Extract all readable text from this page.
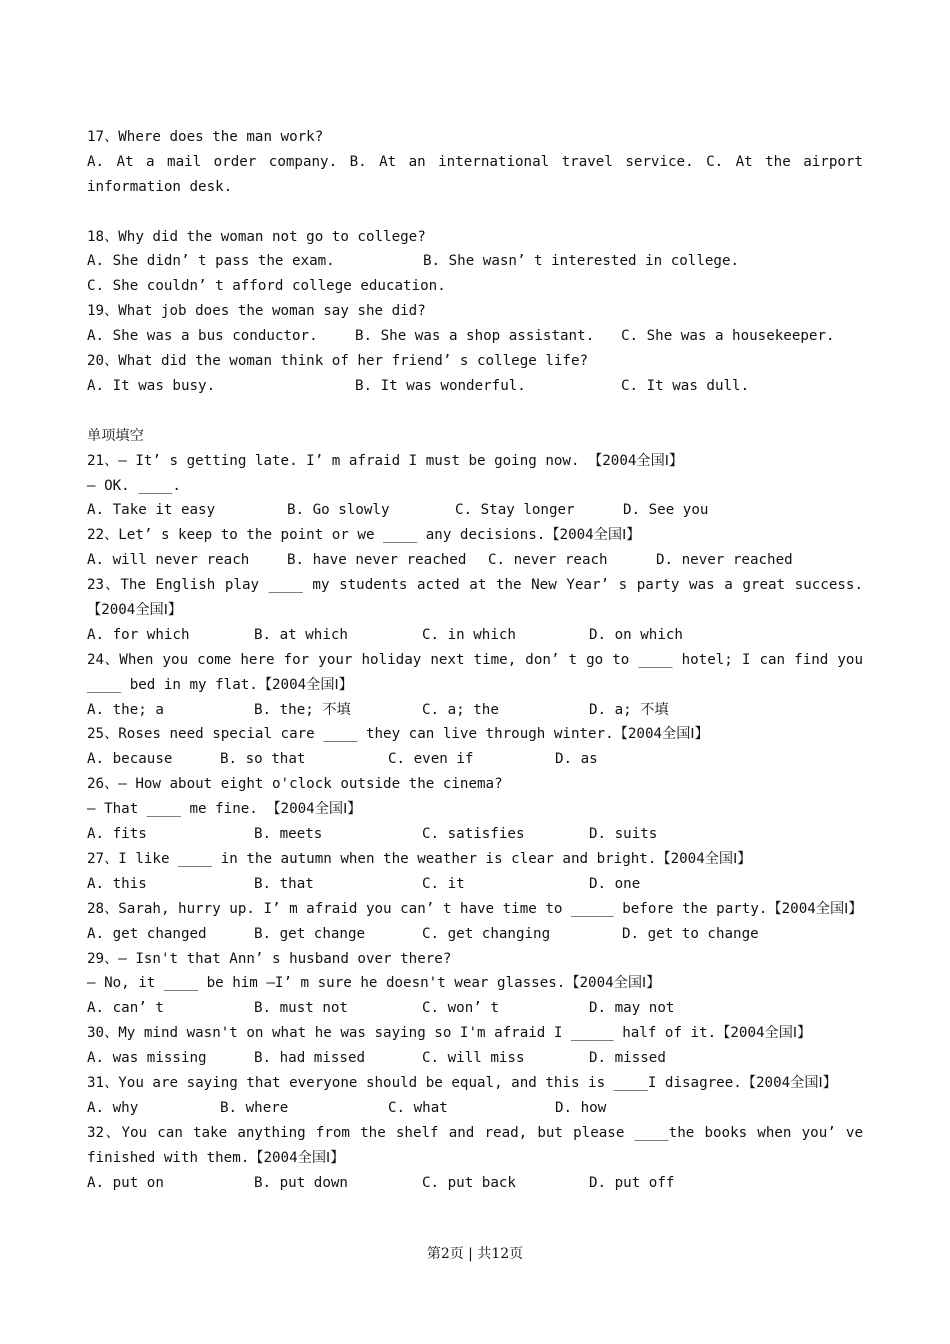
17、Where does the man work?
A. At a mail order company. B. At an international travel service. C. At the airport information desk.
18、Why did the woman not go to college?
A. She didn’ t pass the exam.	B. She wasn’ t interested in college.
C. She couldn’ t afford college education.
19、What job does the woman say she did?
A. She was a bus conductor.	B. She was a shop assistant.	C. She was a housekeeper.
20、What did the woman think of her friend’ s college life?
A. It was busy.	B. It was wonderful.	C. It was dull.
单项填空
21、— It’ s getting late. I’ m afraid I must be going now. 【2004全国Ⅰ】
— OK. ____.
A. Take it easy	B. Go slowly	C. Stay longer	D. See you
22、Let’ s keep to the point or we ____ any decisions.【2004全国Ⅰ】
A. will never reach	B. have never reached	C. never reach	D. never reached
23、The English play ____ my students acted at the New Year’ s party was a great success.【2004全国Ⅰ】
A. for which	B. at which	C. in which	D. on which
24、When you come here for your holiday next time, don’ t go to ____ hotel; I can find you ____ bed in my flat.【2004全国Ⅰ】
A. the; a	B. the; 不填	C. a; the	D. a; 不填
25、Roses need special care ____ they can live through winter.【2004全国Ⅰ】
A. because	B. so that	C. even if	D. as
26、— How about eight o'clock outside the cinema?
— That ____ me fine. 【2004全国Ⅰ】
A. fits	B. meets	C. satisfies	D. suits
27、I like ____ in the autumn when the weather is clear and bright.【2004全国Ⅰ】
A. this	B. that	C. it	D. one
28、Sarah, hurry up. I’ m afraid you can’ t have time to _____ before the party.【2004全国Ⅰ】
A. get changed	B. get change	C. get changing	D. get to change
29、— Isn't that Ann’ s husband over there?
— No, it ____ be him —I’ m sure he doesn't wear glasses.【2004全国Ⅰ】
A. can’ t	B. must not	C. won’ t	D. may not
30、My mind wasn't on what he was saying so I'm afraid I _____ half of it.【2004全国Ⅰ】
A. was missing	B. had missed	C. will miss	D. missed
31、You are saying that everyone should be equal, and this is ____I disagree.【2004全国Ⅰ】
A. why	B. where	C. what	D. how
32、You can take anything from the shelf and read, but please ____the books when you’ ve finished with them.【2004全国Ⅰ】
A. put on	B. put down	C. put back	D. put off
第2页 | 共12页
